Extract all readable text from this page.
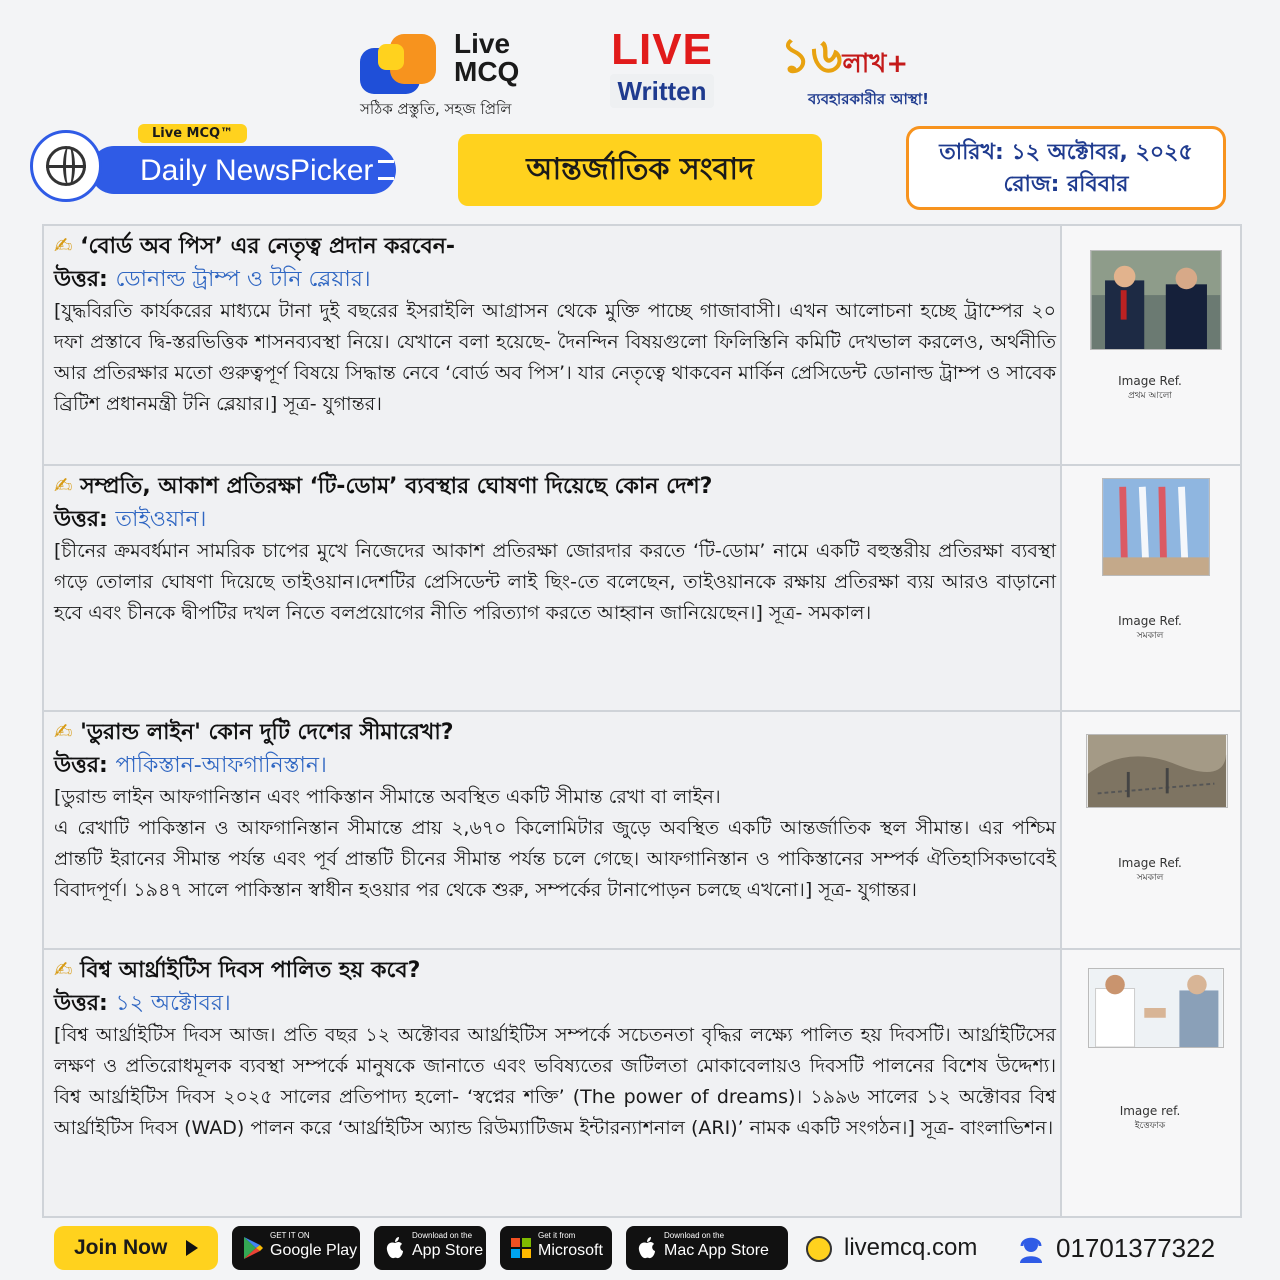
Live
MCQ
সঠিক প্রস্তুতি, সহজ প্রিলি
LIVE
Written
১৬লাখ+
ব্যবহারকারীর আস্থা!
Live MCQ™
Daily NewsPicker	আন্তর্জাতিক সংবাদ	তারিখ: ১২ অক্টোবর, ২০২৫
রোজ: রবিবার
✍ ‘বোর্ড অব পিস’ এর নেতৃত্ব প্রদান করবেন-
উত্তর: ডোনাল্ড ট্রাম্প ও টনি ব্লেয়ার।
[যুদ্ধবিরতি কার্যকরের মাধ্যমে টানা দুই বছরের ইসরাইলি আগ্রাসন থেকে মুক্তি পাচ্ছে গাজাবাসী। এখন আলোচনা হচ্ছে ট্রাম্পের ২০ দফা প্রস্তাবে দ্বি-স্তরভিত্তিক শাসনব্যবস্থা নিয়ে। যেখানে বলা হয়েছে- দৈনন্দিন বিষয়গুলো ফিলিস্তিনি কমিটি দেখভাল করলেও, অর্থনীতি আর প্রতিরক্ষার মতো গুরুত্বপূর্ণ বিষয়ে সিদ্ধান্ত নেবে ‘বোর্ড অব পিস’। যার নেতৃত্বে থাকবেন মার্কিন প্রেসিডেন্ট ডোনাল্ড ট্রাম্প ও সাবেক ব্রিটিশ প্রধানমন্ত্রী টনি ব্লেয়ার।] সূত্র- যুগান্তর।
Image Ref.
প্রথম আলো
✍ সম্প্রতি, আকাশ প্রতিরক্ষা ‘টি-ডোম’ ব্যবস্থার ঘোষণা দিয়েছে কোন দেশ?
উত্তর: তাইওয়ান।
[চীনের ক্রমবর্ধমান সামরিক চাপের মুখে নিজেদের আকাশ প্রতিরক্ষা জোরদার করতে ‘টি-ডোম’ নামে একটি বহুস্তরীয় প্রতিরক্ষা ব্যবস্থা গড়ে তোলার ঘোষণা দিয়েছে তাইওয়ান।দেশটির প্রেসিডেন্ট লাই ছিং-তে বলেছেন, তাইওয়ানকে রক্ষায় প্রতিরক্ষা ব্যয় আরও বাড়ানো হবে এবং চীনকে দ্বীপটির দখল নিতে বলপ্রয়োগের নীতি পরিত্যাগ করতে আহ্বান জানিয়েছেন।] সূত্র- সমকাল।	Image Ref.
সমকাল
✍ 'ডুরান্ড লাইন' কোন দুটি দেশের সীমারেখা?
উত্তর: পাকিস্তান-আফগানিস্তান।
[ডুরান্ড লাইন আফগানিস্তান এবং পাকিস্তান সীমান্তে অবস্থিত একটি সীমান্ত রেখা বা লাইন।
এ রেখাটি পাকিস্তান ও আফগানিস্তান সীমান্তে প্রায় ২,৬৭০ কিলোমিটার জুড়ে অবস্থিত একটি আন্তর্জাতিক স্থল সীমান্ত। এর পশ্চিম প্রান্তটি ইরানের সীমান্ত পর্যন্ত এবং পূর্ব প্রান্তটি চীনের সীমান্ত পর্যন্ত চলে গেছে। আফগানিস্তান ও পাকিস্তানের সম্পর্ক ঐতিহাসিকভাবেই বিবাদপূর্ণ। ১৯৪৭ সালে পাকিস্তান স্বাধীন হওয়ার পর থেকে শুরু, সম্পর্কের টানাপোড়ন চলছে এখনো।] সূত্র- যুগান্তর।
Image Ref.
সমকাল
✍ বিশ্ব আর্থ্রাইটিস দিবস পালিত হয় কবে?
উত্তর: ১২ অক্টোবর।
[বিশ্ব আর্থ্রাইটিস দিবস আজ। প্রতি বছর ১২ অক্টোবর আর্থ্রাইটিস সম্পর্কে সচেতনতা বৃদ্ধির লক্ষ্যে পালিত হয় দিবসটি। আর্থ্রাইটিসের লক্ষণ ও প্রতিরোধমূলক ব্যবস্থা সম্পর্কে মানুষকে জানাতে এবং ভবিষ্যতের জটিলতা মোকাবেলায়ও দিবসটি পালনের বিশেষ উদ্দেশ্য। বিশ্ব আর্থ্রাইটিস দিবস ২০২৫ সালের প্রতিপাদ্য হলো- ‘স্বপ্নের শক্তি’ (The power of dreams)। ১৯৯৬ সালের ১২ অক্টোবর বিশ্ব আর্থ্রাইটিস দিবস (WAD) পালন করে ‘আর্থ্রাইটিস অ্যান্ড রিউম্যাটিজম ইন্টারন্যাশনাল (ARI)’ নামক একটি সংগঠন।] সূত্র- বাংলাভিশন।
Image ref.
ইত্তেফাক
Join Now
GET IT ON
Google Play
Download on the
App Store
Get it from
Microsoft
Download on the
Mac App Store	livemcq.com	01701377322
